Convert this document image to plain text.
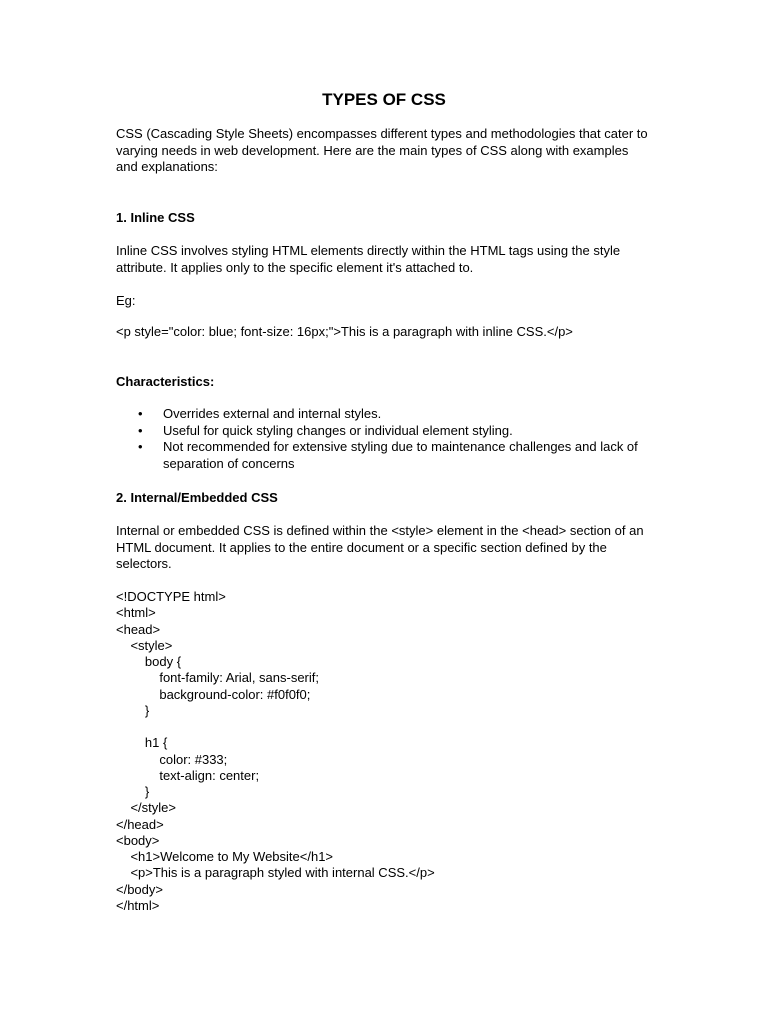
TYPES OF CSS

CSS (Cascading Style Sheets) encompasses different types and methodologies that cater to varying needs in web development. Here are the main types of CSS along with examples and explanations:

1. Inline CSS

Inline CSS involves styling HTML elements directly within the HTML tags using the style attribute. It applies only to the specific element it's attached to.

Eg:

<p style="color: blue; font-size: 16px;">This is a paragraph with inline CSS.</p>

Characteristics:

• Overrides external and internal styles.
• Useful for quick styling changes or individual element styling.
• Not recommended for extensive styling due to maintenance challenges and lack of separation of concerns

2. Internal/Embedded CSS

Internal or embedded CSS is defined within the <style> element in the <head> section of an HTML document. It applies to the entire document or a specific section defined by the selectors.

<!DOCTYPE html>
<html>
<head>
<style>
body {
font-family: Arial, sans-serif;
background-color: #f0f0f0;
}
h1 {
color: #333;
text-align: center;
}
</style>
</head>
<body>
<h1>Welcome to My Website</h1>
<p>This is a paragraph styled with internal CSS.</p>
</body>
</html>
